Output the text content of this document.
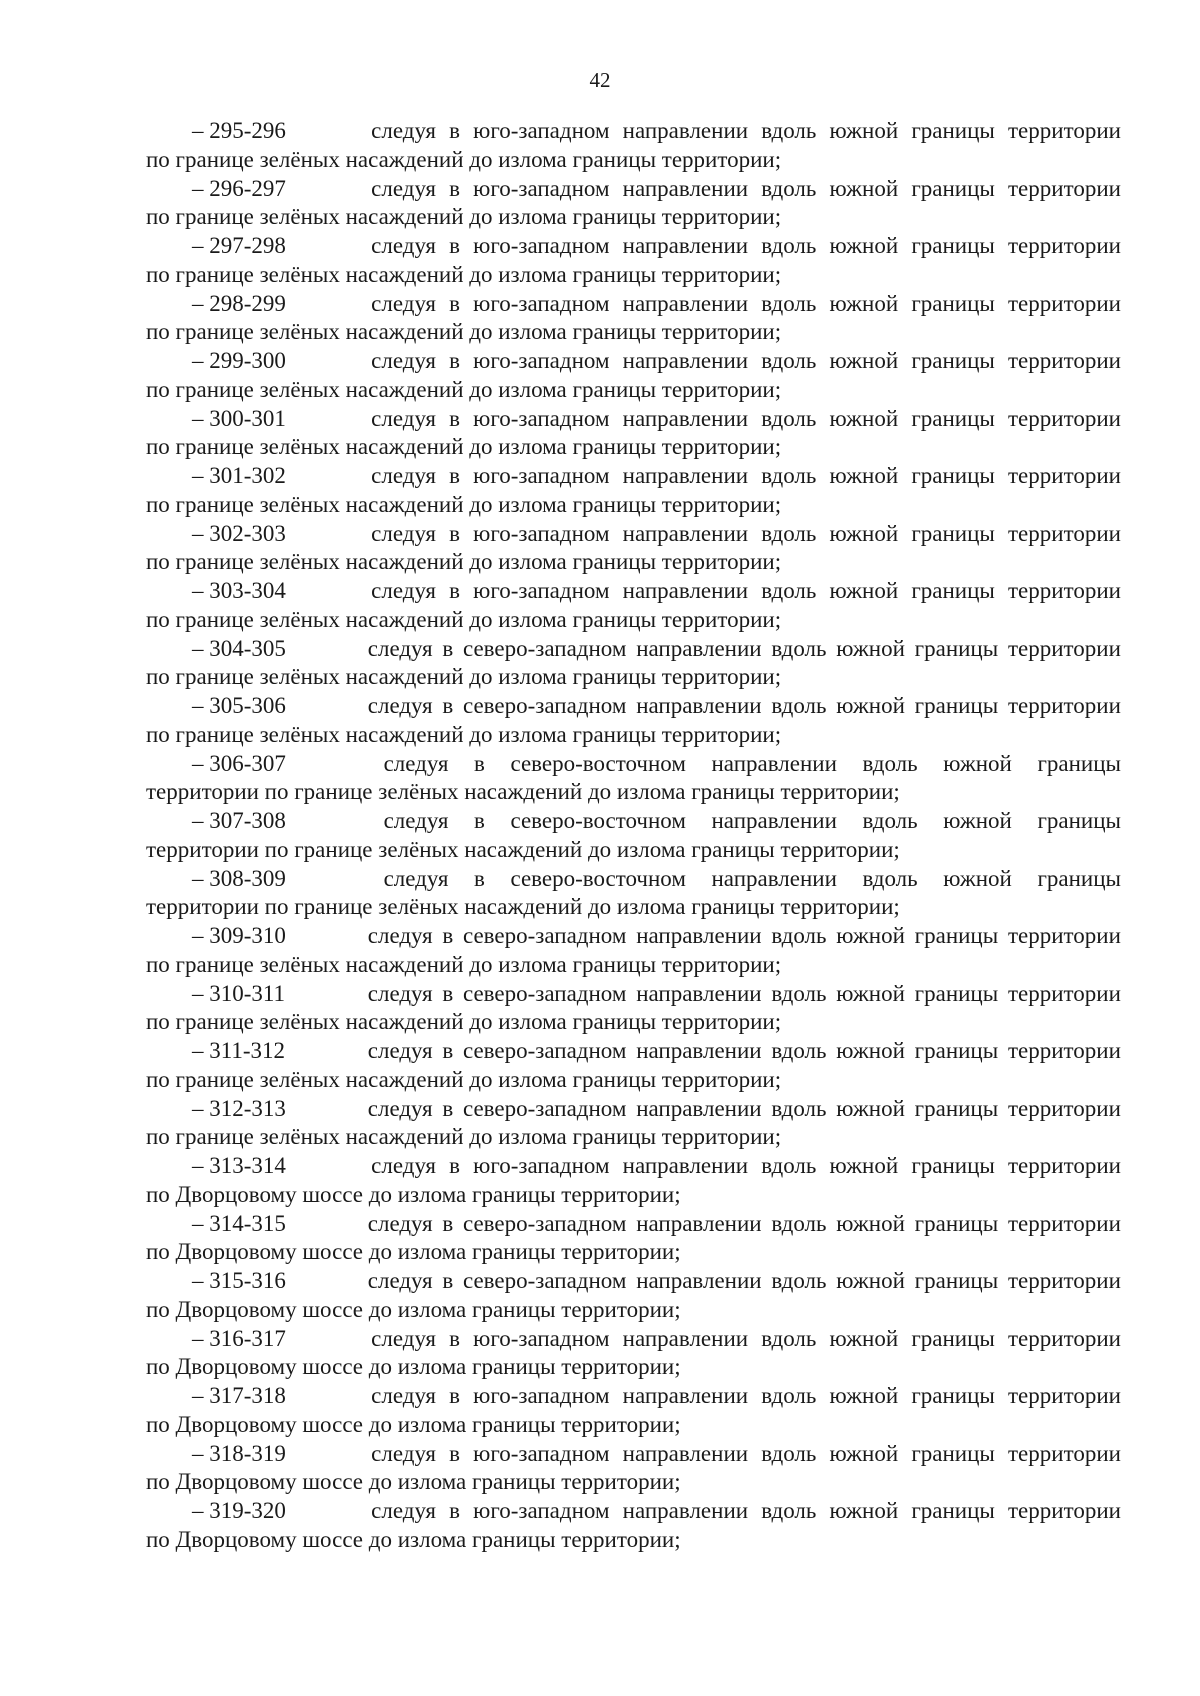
42
– 295-296	следуя в юго-западном направлении вдоль южной границы территории
по границе зелёных насаждений до излома границы территории;
– 296-297	следуя в юго-западном направлении вдоль южной границы территории
по границе зелёных насаждений до излома границы территории;
– 297-298	следуя в юго-западном направлении вдоль южной границы территории
по границе зелёных насаждений до излома границы территории;
– 298-299	следуя в юго-западном направлении вдоль южной границы территории
по границе зелёных насаждений до излома границы территории;
– 299-300	следуя в юго-западном направлении вдоль южной границы территории
по границе зелёных насаждений до излома границы территории;
– 300-301	следуя в юго-западном направлении вдоль южной границы территории
по границе зелёных насаждений до излома границы территории;
– 301-302	следуя в юго-западном направлении вдоль южной границы территории
по границе зелёных насаждений до излома границы территории;
– 302-303	следуя в юго-западном направлении вдоль южной границы территории
по границе зелёных насаждений до излома границы территории;
– 303-304	следуя в юго-западном направлении вдоль южной границы территории
по границе зелёных насаждений до излома границы территории;
– 304-305	следуя в северо-западном направлении вдоль южной границы территории
по границе зелёных насаждений до излома границы территории;
– 305-306	следуя в северо-западном направлении вдоль южной границы территории
по границе зелёных насаждений до излома границы территории;
– 306-307	следуя в северо-восточном направлении вдоль южной границы
территории по границе зелёных насаждений до излома границы территории;
– 307-308	следуя в северо-восточном направлении вдоль южной границы
территории по границе зелёных насаждений до излома границы территории;
– 308-309	следуя в северо-восточном направлении вдоль южной границы
территории по границе зелёных насаждений до излома границы территории;
– 309-310	следуя в северо-западном направлении вдоль южной границы территории
по границе зелёных насаждений до излома границы территории;
– 310-311	следуя в северо-западном направлении вдоль южной границы территории
по границе зелёных насаждений до излома границы территории;
– 311-312	следуя в северо-западном направлении вдоль южной границы территории
по границе зелёных насаждений до излома границы территории;
– 312-313	следуя в северо-западном направлении вдоль южной границы территории
по границе зелёных насаждений до излома границы территории;
– 313-314	следуя в юго-западном направлении вдоль южной границы территории
по Дворцовому шоссе до излома границы территории;
– 314-315	следуя в северо-западном направлении вдоль южной границы территории
по Дворцовому шоссе до излома границы территории;
– 315-316	следуя в северо-западном направлении вдоль южной границы территории
по Дворцовому шоссе до излома границы территории;
– 316-317	следуя в юго-западном направлении вдоль южной границы территории
по Дворцовому шоссе до излома границы территории;
– 317-318	следуя в юго-западном направлении вдоль южной границы территории
по Дворцовому шоссе до излома границы территории;
– 318-319	следуя в юго-западном направлении вдоль южной границы территории
по Дворцовому шоссе до излома границы территории;
– 319-320	следуя в юго-западном направлении вдоль южной границы территории
по Дворцовому шоссе до излома границы территории;
